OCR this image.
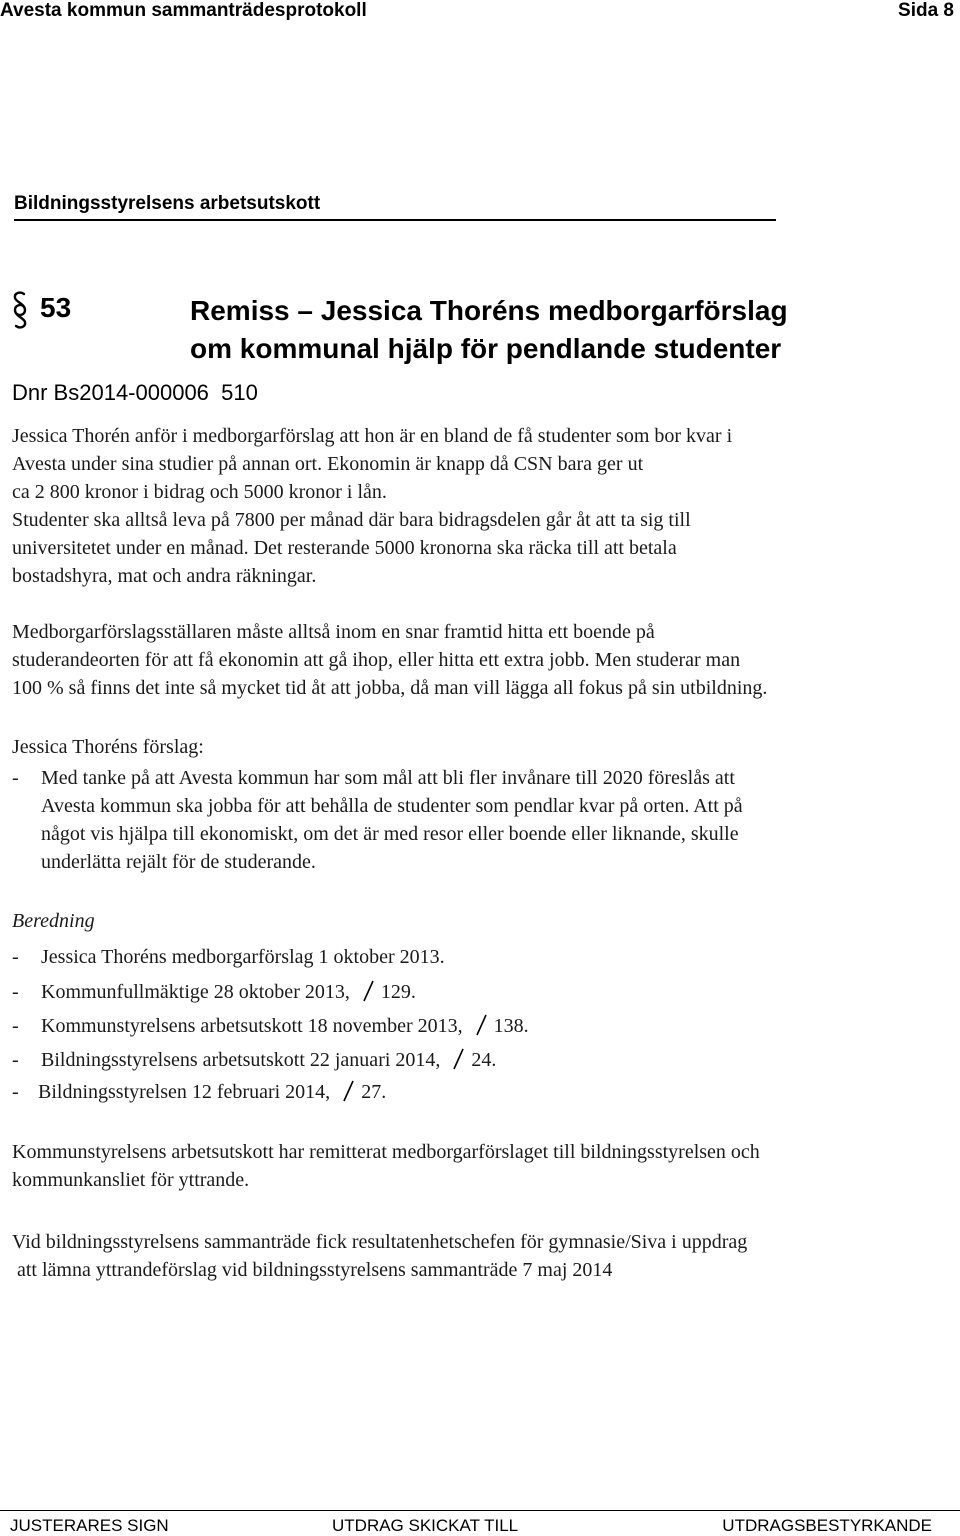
Avesta kommun sammanträdesprotokoll	Sida 8
Bildningsstyrelsens arbetsutskott
53	Remiss – Jessica Thoréns medborgarförslag
om kommunal hjälp för pendlande studenter
Dnr Bs2014-000006  510
Jessica Thorén anför i medborgarförslag att hon är en bland de få studenter som bor kvar i
Avesta under sina studier på annan ort. Ekonomin är knapp då CSN bara ger ut
ca 2 800 kronor i bidrag och 5000 kronor i lån.
Studenter ska alltså leva på 7800 per månad där bara bidragsdelen går åt att ta sig till
universitetet under en månad. Det resterande 5000 kronorna ska räcka till att betala
bostadshyra, mat och andra räkningar.
Medborgarförslagsställaren måste alltså inom en snar framtid hitta ett boende på
studerandeorten för att få ekonomin att gå ihop, eller hitta ett extra jobb. Men studerar man
100 % så finns det inte så mycket tid åt att jobba, då man vill lägga all fokus på sin utbildning.
Jessica Thoréns förslag:
- Med tanke på att Avesta kommun har som mål att bli fler invånare till 2020 föreslås att
Avesta kommun ska jobba för att behålla de studenter som pendlar kvar på orten. Att på
något vis hjälpa till ekonomiskt, om det är med resor eller boende eller liknande, skulle
underlätta rejält för de studerande.
Beredning
- Jessica Thoréns medborgarförslag 1 oktober 2013.
- Kommunfullmäktige 28 oktober 2013, 129.
- Kommunstyrelsens arbetsutskott 18 november 2013, 138.
- Bildningsstyrelsens arbetsutskott 22 januari 2014, 24.
- Bildningsstyrelsen 12 februari 2014, 27.
Kommunstyrelsens arbetsutskott har remitterat medborgarförslaget till bildningsstyrelsen och
kommunkansliet för yttrande.
Vid bildningsstyrelsens sammanträde fick resultatenhetschefen för gymnasie/Siva i uppdrag
att lämna yttrandeförslag vid bildningsstyrelsens sammanträde 7 maj 2014
JUSTERARES SIGN	UTDRAG SKICKAT TILL	UTDRAGSBESTYRKANDE
